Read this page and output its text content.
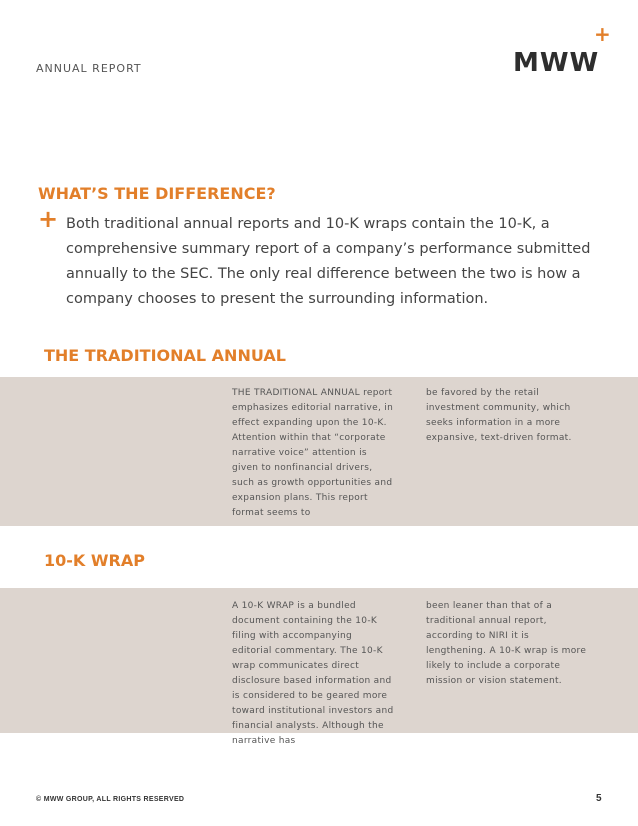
ANNUAL REPORT
+
MWW
WHAT’S THE DIFFERENCE?
+ Both traditional annual reports and 10-K wraps contain the 10-K, a comprehensive summary report of a company’s performance submitted annually to the SEC. The only real difference between the two is how a company chooses to present the surrounding information.
THE TRADITIONAL ANNUAL
THE TRADITIONAL ANNUAL report emphasizes editorial narrative, in effect expanding upon the 10-K. Attention within that “corporate narrative voice” attention is given to nonfinancial drivers, such as growth opportunities and expansion plans. This report format seems to
be favored by the retail investment community, which seeks information in a more expansive, text-driven format.
10-K WRAP
A 10-K WRAP is a bundled document containing the 10-K filing with accompanying editorial commentary. The 10-K wrap communicates direct disclosure based information and is considered to be geared more toward institutional investors and financial analysts. Although the narrative has
been leaner than that of a traditional annual report, according to NIRI it is lengthening. A 10-K wrap is more likely to include a corporate mission or vision statement.
© MWW GROUP, ALL RIGHTS RESERVED	5
